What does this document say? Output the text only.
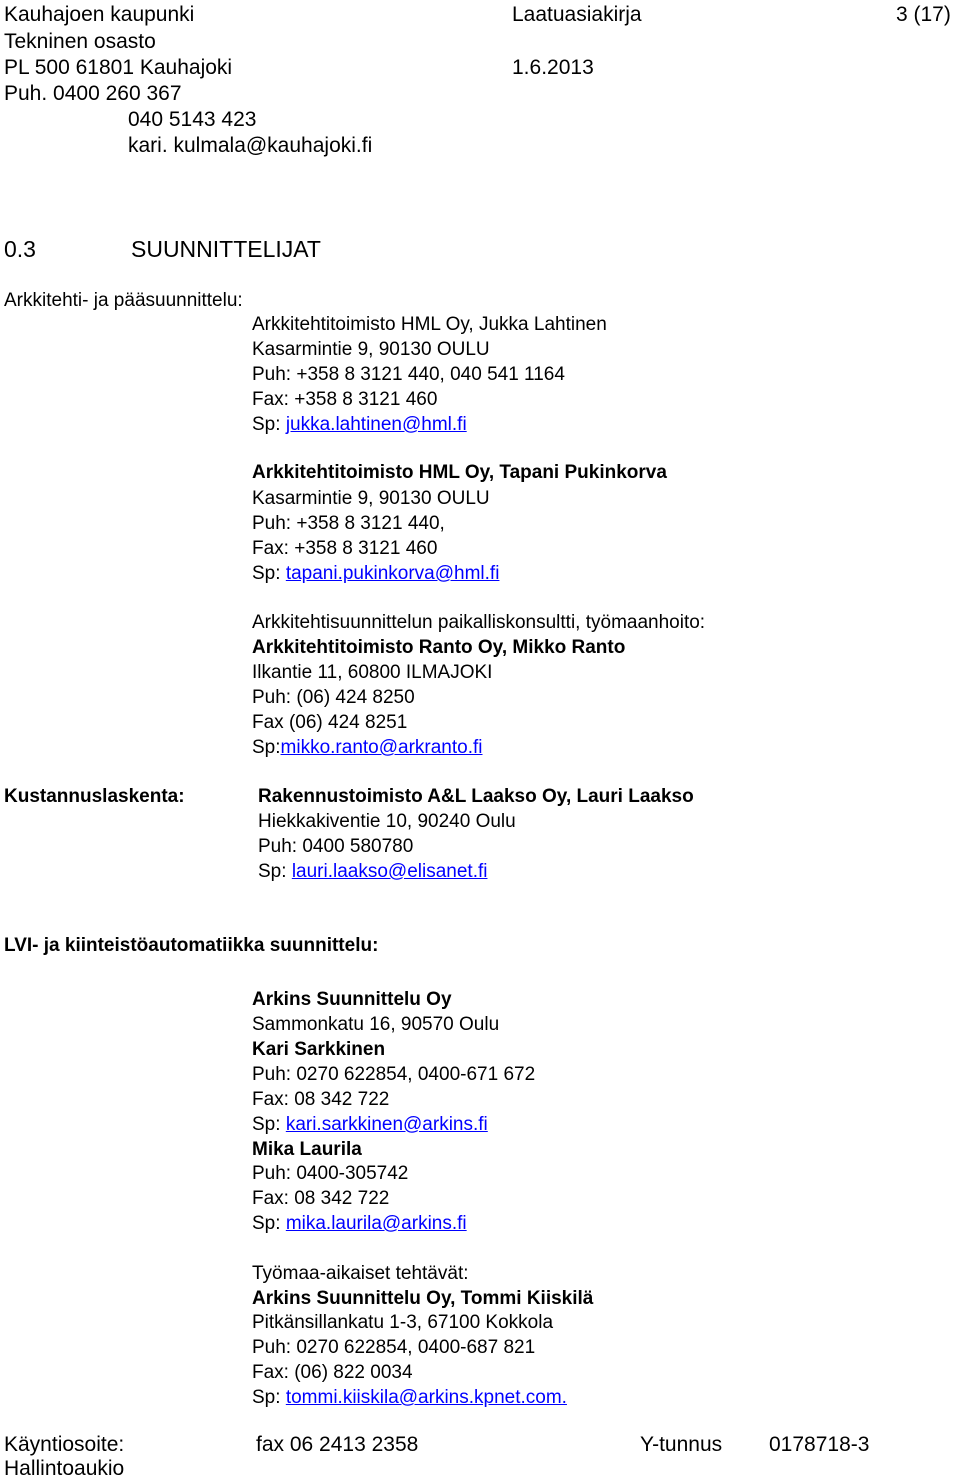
Kauhajoen kaupunki
Tekninen osasto
PL 500 61801 Kauhajoki
Puh. 0400 260 367
040 5143 423
kari. kulmala@kauhajoki.fi
Laatuasiakirja
1.6.2013
3 (17)
0.3	SUUNNITTELIJAT
Arkkitehti- ja pääsuunnittelu:
Arkkitehtitoimisto HML Oy, Jukka Lahtinen
Kasarmintie 9, 90130 OULU
Puh: +358 8 3121 440, 040 541 1164
Fax: +358 8 3121 460
Sp: jukka.lahtinen@hml.fi
Arkkitehtitoimisto HML Oy, Tapani Pukinkorva
Kasarmintie 9, 90130 OULU
Puh: +358 8 3121 440,
Fax: +358 8 3121 460
Sp: tapani.pukinkorva@hml.fi
Arkkitehtisuunnittelun paikalliskonsultti, työmaanhoito:
Arkkitehtitoimisto Ranto Oy, Mikko Ranto
Ilkantie 11, 60800 ILMAJOKI
Puh: (06) 424 8250
Fax (06) 424 8251
Sp:mikko.ranto@arkranto.fi
Kustannuslaskenta:	Rakennustoimisto A&L Laakso Oy, Lauri Laakso
Hiekkakiventie 10, 90240 Oulu
Puh: 0400 580780
Sp: lauri.laakso@elisanet.fi
LVI- ja kiinteistöautomatiikka suunnittelu:
Arkins Suunnittelu Oy
Sammonkatu 16, 90570 Oulu
Kari Sarkkinen
Puh: 0270 622854, 0400-671 672
Fax: 08 342 722
Sp: kari.sarkkinen@arkins.fi
Mika Laurila
Puh: 0400-305742
Fax: 08 342 722
Sp: mika.laurila@arkins.fi
Työmaa-aikaiset tehtävät:
Arkins Suunnittelu Oy, Tommi Kiiskilä
Pitkänsillankatu 1-3, 67100 Kokkola
Puh: 0270 622854, 0400-687 821
Fax: (06) 822 0034
Sp: tommi.kiiskila@arkins.kpnet.com.
Käyntiosoite:	fax 06 2413 2358	Y-tunnus 0178718-3
Hallintoaukio
